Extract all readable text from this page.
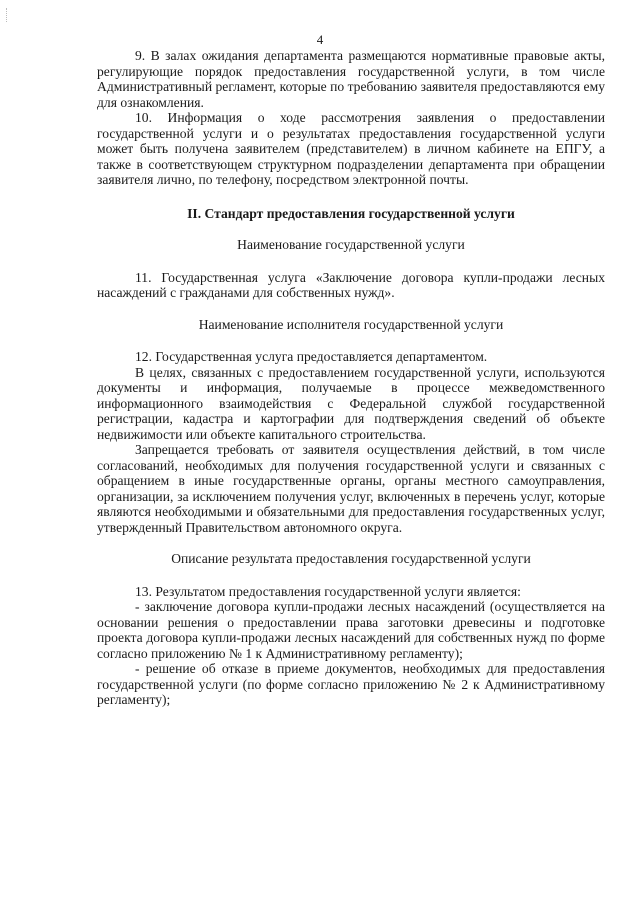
4

9. В залах ожидания департамента размещаются нормативные правовые акты, регулирующие порядок предоставления государственной услуги, в том числе Административный регламент, которые по требованию заявителя предоставляются ему для ознакомления.

10. Информация о ходе рассмотрения заявления о предоставлении государственной услуги и о результатах предоставления государственной услуги может быть получена заявителем (представителем) в личном кабинете на ЕПГУ, а также в соответствующем структурном подразделении департамента при обращении заявителя лично, по телефону, посредством электронной почты.

II. Стандарт предоставления государственной услуги

Наименование государственной услуги

11. Государственная услуга «Заключение договора купли-продажи лесных насаждений с гражданами для собственных нужд».

Наименование исполнителя государственной услуги

12. Государственная услуга предоставляется департаментом.

В целях, связанных с предоставлением государственной услуги, используются документы и информация, получаемые в процессе межведомственного информационного взаимодействия с Федеральной службой государственной регистрации, кадастра и картографии для подтверждения сведений об объекте недвижимости или объекте капитального строительства.

Запрещается требовать от заявителя осуществления действий, в том числе согласований, необходимых для получения государственной услуги и связанных с обращением в иные государственные органы, органы местного самоуправления, организации, за исключением получения услуг, включенных в перечень услуг, которые являются необходимыми и обязательными для предоставления государственных услуг, утвержденный Правительством автономного округа.

Описание результата предоставления государственной услуги

13. Результатом предоставления государственной услуги является:

- заключение договора купли-продажи лесных насаждений (осуществляется на основании решения о предоставлении права заготовки древесины и подготовке проекта договора купли-продажи лесных насаждений для собственных нужд по форме согласно приложению № 1 к Административному регламенту);

- решение об отказе в приеме документов, необходимых для предоставления государственной услуги (по форме согласно приложению № 2 к Административному регламенту);
